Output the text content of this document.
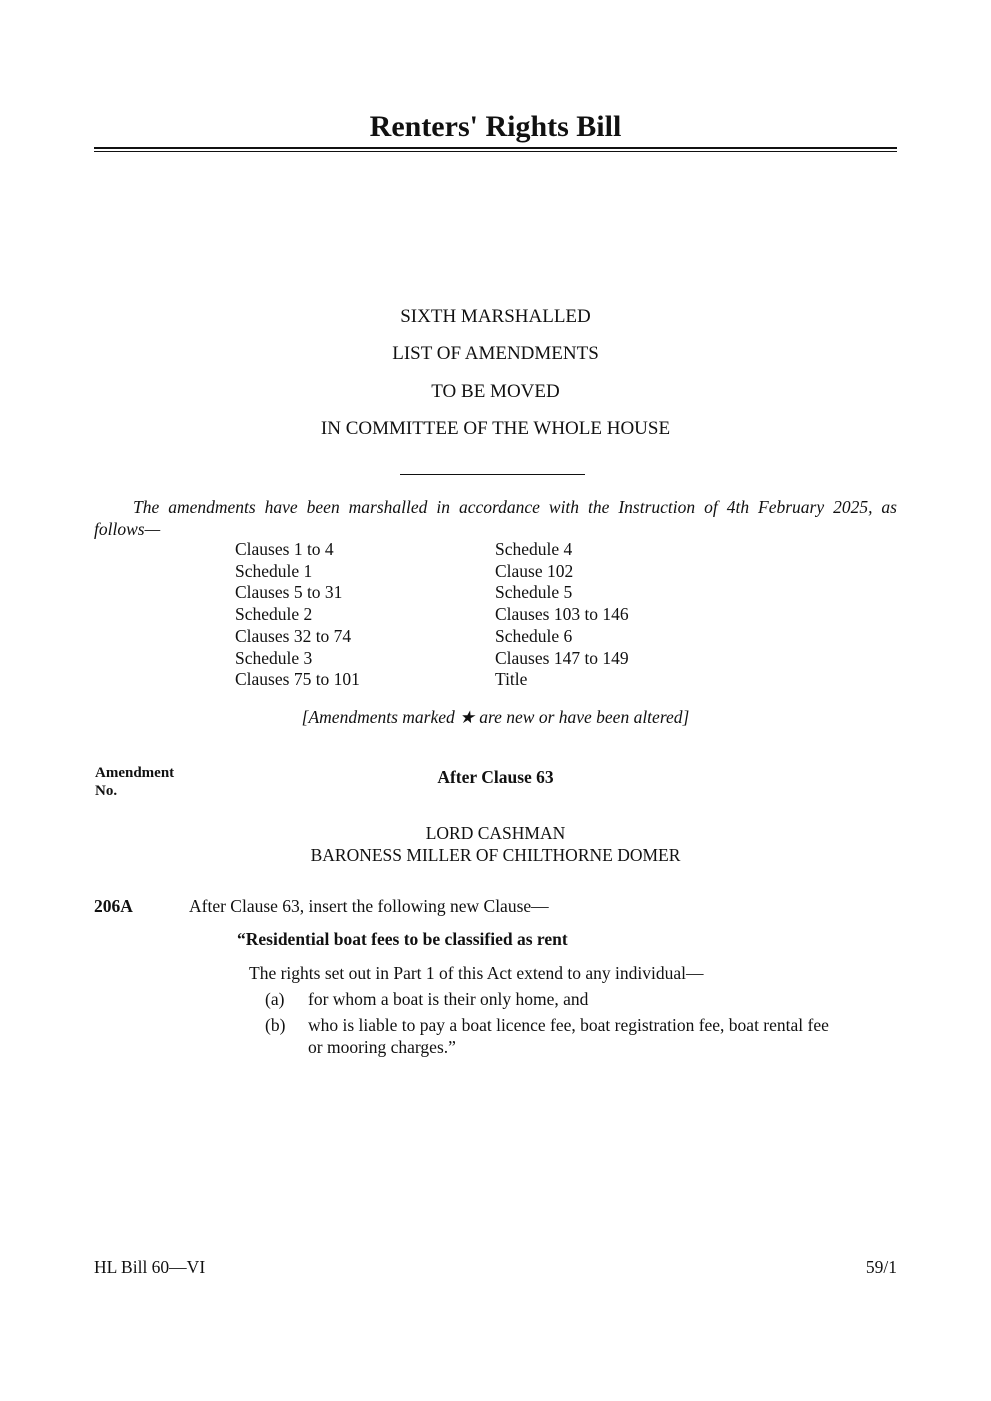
Renters' Rights Bill
SIXTH MARSHALLED
LIST OF AMENDMENTS
TO BE MOVED
IN COMMITTEE OF THE WHOLE HOUSE
The amendments have been marshalled in accordance with the Instruction of 4th February 2025, as
follows—
Clauses 1 to 4
Schedule 1
Clauses 5 to 31
Schedule 2
Clauses 32 to 74
Schedule 3
Clauses 75 to 101
Schedule 4
Clause 102
Schedule 5
Clauses 103 to 146
Schedule 6
Clauses 147 to 149
Title
[Amendments marked ★ are new or have been altered]
Amendment
No.
After Clause 63
LORD CASHMAN
BARONESS MILLER OF CHILTHORNE DOMER
206A	After Clause 63, insert the following new Clause—
“Residential boat fees to be classified as rent
The rights set out in Part 1 of this Act extend to any individual—
(a) for whom a boat is their only home, and
(b) who is liable to pay a boat licence fee, boat registration fee, boat rental fee
or mooring charges.”
HL Bill 60—VI	59/1
